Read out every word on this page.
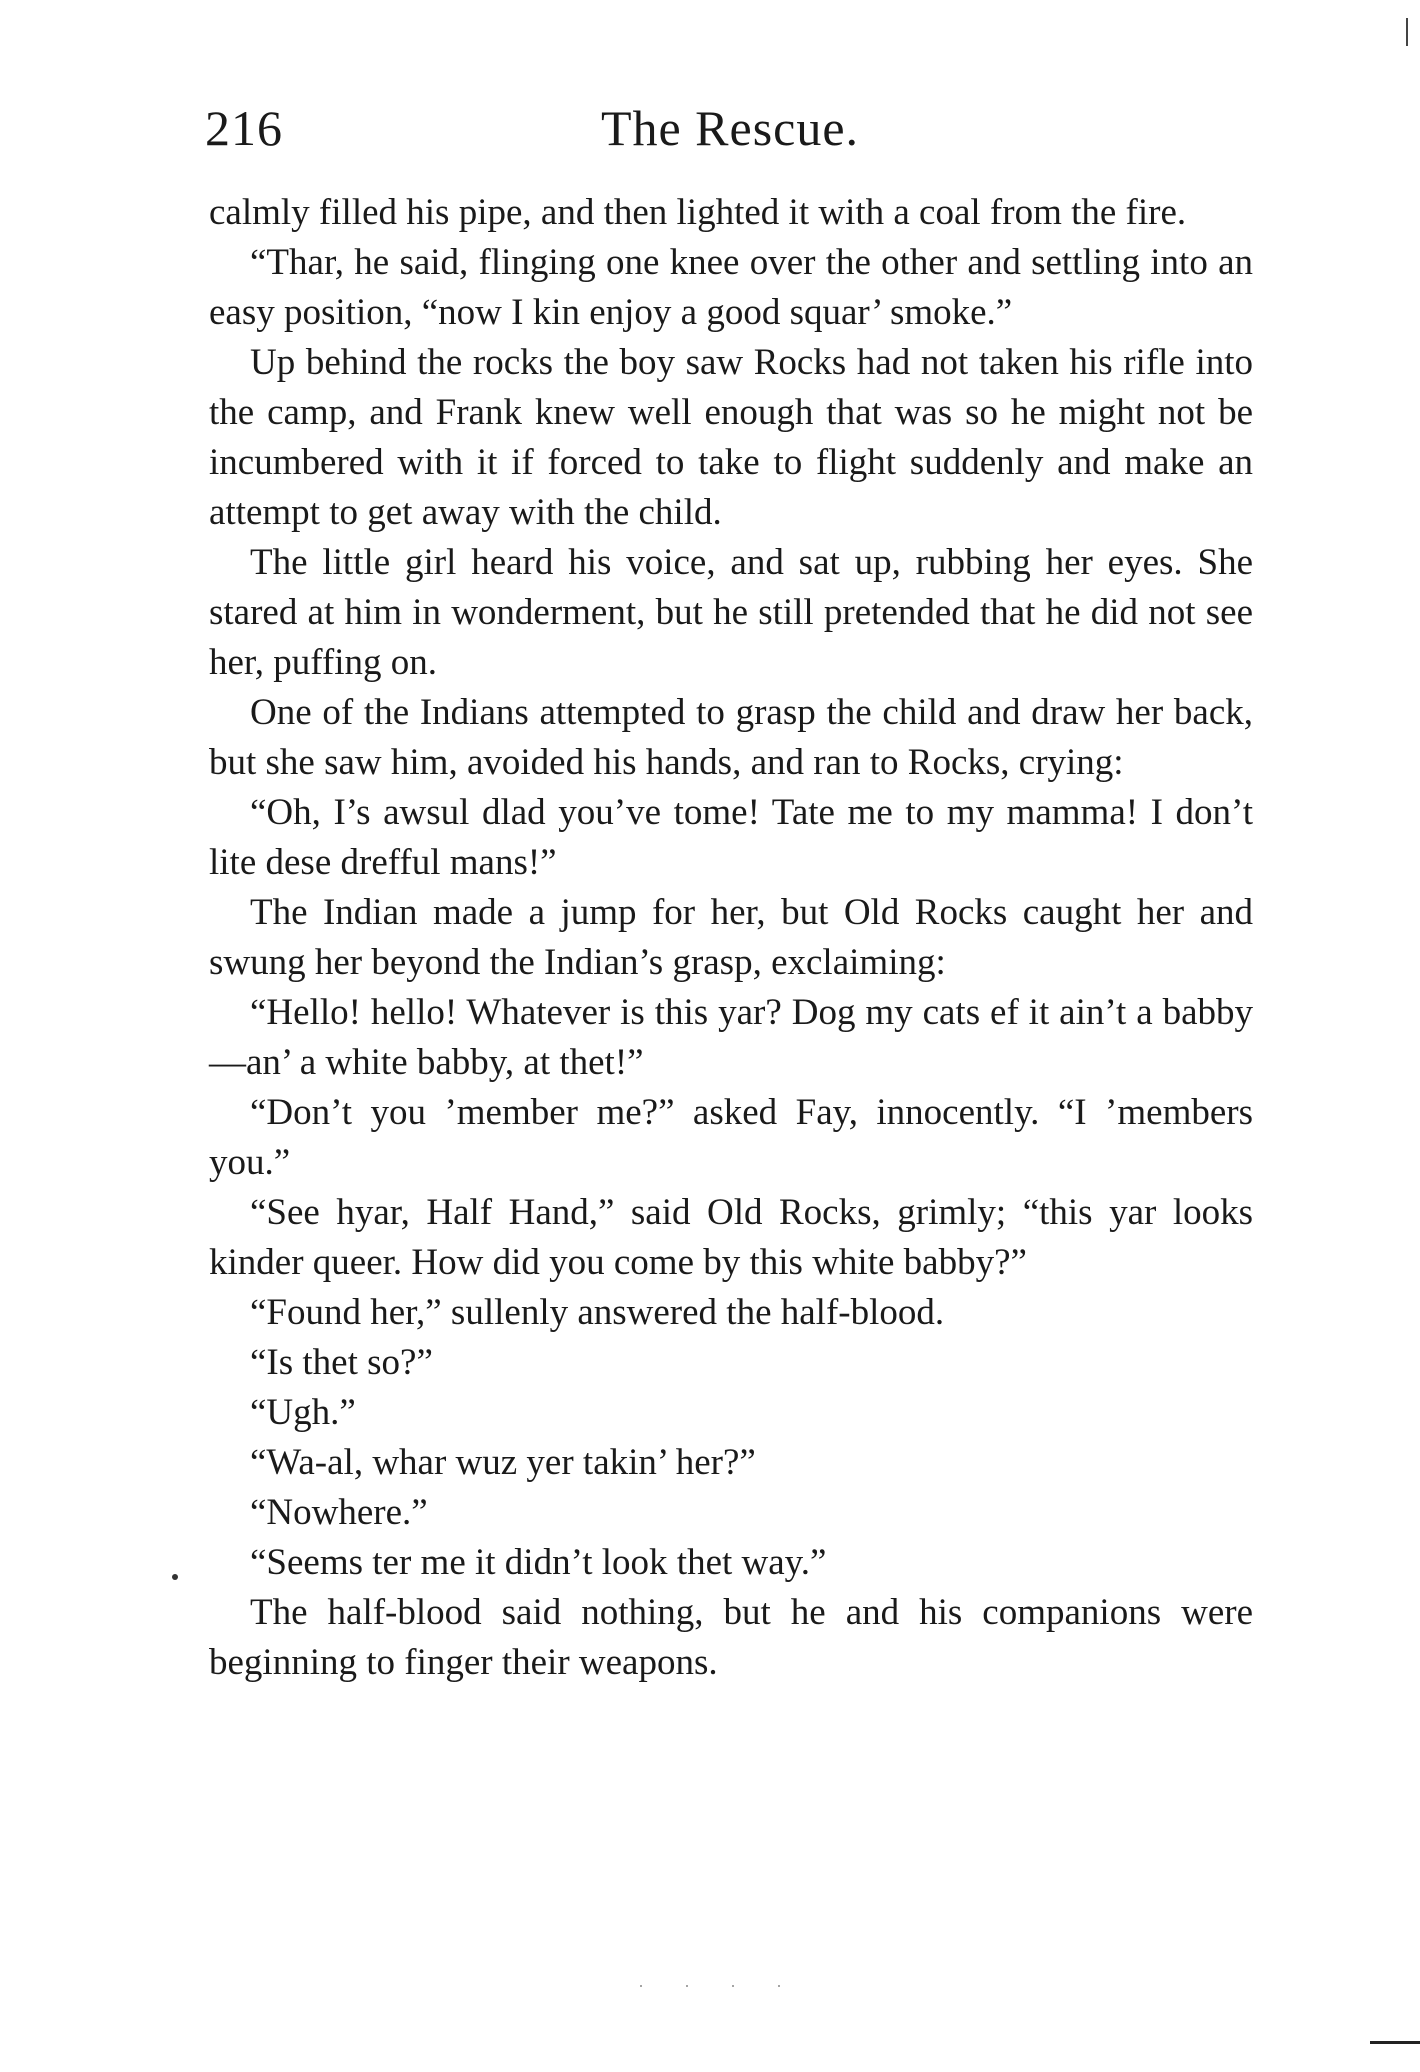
216	The Rescue.

calmly filled his pipe, and then lighted it with a coal from the fire.

“Thar, he said, flinging one knee over the other and settling into an easy position, “now I kin enjoy a good squar’ smoke.”

Up behind the rocks the boy saw Rocks had not taken his rifle into the camp, and Frank knew well enough that was so he might not be incumbered with it if forced to take to flight suddenly and make an attempt to get away with the child.

The little girl heard his voice, and sat up, rubbing her eyes. She stared at him in wonderment, but he still pretended that he did not see her, puffing on.

One of the Indians attempted to grasp the child and draw her back, but she saw him, avoided his hands, and ran to Rocks, crying:

“Oh, I’s awsul dlad you’ve tome! Tate me to my mamma! I don’t lite dese drefful mans!”

The Indian made a jump for her, but Old Rocks caught her and swung her beyond the Indian’s grasp, exclaiming:

“Hello! hello! Whatever is this yar? Dog my cats ef it ain’t a babby—an’ a white babby, at thet!”

“Don’t you ’member me?” asked Fay, innocently. “I ’members you.”

“See hyar, Half Hand,” said Old Rocks, grimly; “this yar looks kinder queer. How did you come by this white babby?”

“Found her,” sullenly answered the half-blood.

“Is thet so?”

“Ugh.”

“Wa-al, whar wuz yer takin’ her?”

“Nowhere.”

“Seems ter me it didn’t look thet way.”

The half-blood said nothing, but he and his companions were beginning to finger their weapons.
